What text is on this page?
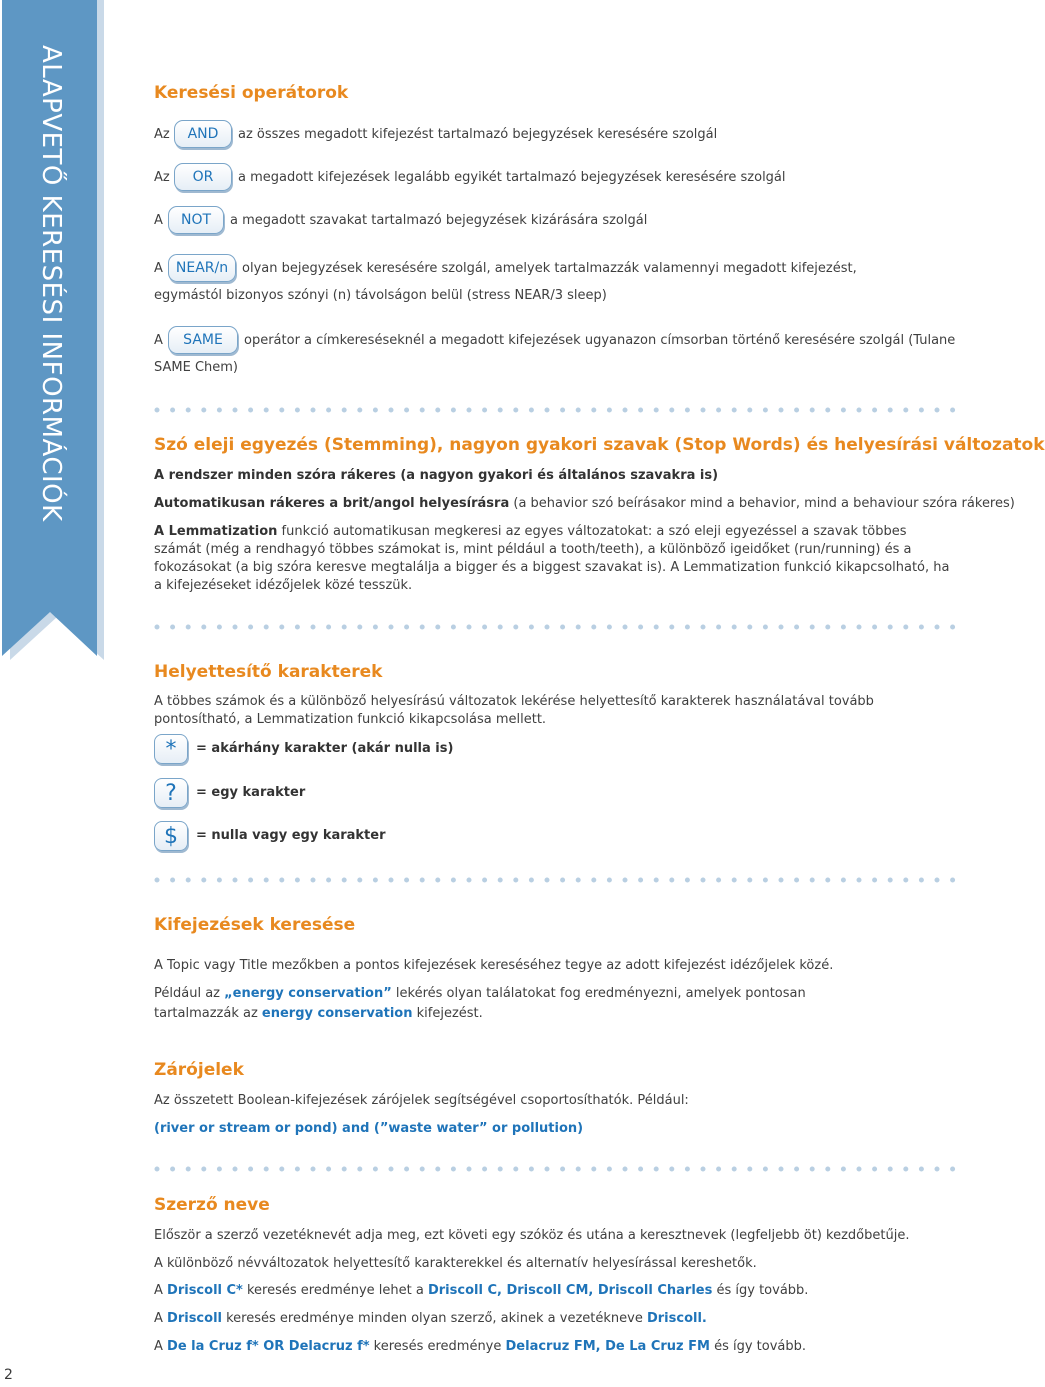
ALAPVETŐ KERESÉSI INFORMÁCIÓK
2
Keresési operátorok
Az	AND	az összes megadott kifejezést tartalmazó bejegyzések keresésére szolgál
Az	OR	a megadott kifejezések legalább egyikét tartalmazó bejegyzések keresésére szolgál
A	NOT	a megadott szavakat tartalmazó bejegyzések kizárására szolgál
A NEAR/n	olyan bejegyzések keresésére szolgál, amelyek tartalmazzák valamennyi megadott kifejezést,
egymástól bizonyos szónyi (n) távolságon belül (stress NEAR/3 sleep)
A	SAME	operátor a címkereséseknél a megadott kifejezések ugyanazon címsorban történő keresésére szolgál (Tulane
SAME Chem)
Szó eleji egyezés (Stemming), nagyon gyakori szavak (Stop Words) és helyesírási változatok
A rendszer minden szóra rákeres (a nagyon gyakori és általános szavakra is)
Automatikusan rákeres a brit/angol helyesírásra (a behavior szó beírásakor mind a behavior, mind a behaviour szóra rákeres)
A Lemmatization funkció automatikusan megkeresi az egyes változatokat: a szó eleji egyezéssel a szavak többes számát (még a rendhagyó többes számokat is, mint például a tooth/teeth), a különböző igeidőket (run/running) és a fokozásokat (a big szóra keresve megtalálja a bigger és a biggest szavakat is). A Lemmatization funkció kikapcsolható, ha a kifejezéseket idézőjelek közé tesszük.
Helyettesítő karakterek
A többes számok és a különböző helyesírású változatok lekérése helyettesítő karakterek használatával tovább pontosítható, a Lemmatization funkció kikapcsolása mellett.
*	= akárhány karakter (akár nulla is)
?	= egy karakter
$	= nulla vagy egy karakter
Kifejezések keresése
A Topic vagy Title mezőkben a pontos kifejezések kereséséhez tegye az adott kifejezést idézőjelek közé.
Például az „energy conservation” lekérés olyan találatokat fog eredményezni, amelyek pontosan
tartalmazzák az energy conservation kifejezést.
Zárójelek
Az összetett Boolean-kifejezések zárójelek segítségével csoportosíthatók. Például:
(river or stream or pond) and (”waste water” or pollution)
Szerző neve
Először a szerző vezetéknevét adja meg, ezt követi egy szóköz és utána a keresztnevek (legfeljebb öt) kezdőbetűje.
A különböző névváltozatok helyettesítő karakterekkel és alternatív helyesírással kereshetők.
A Driscoll C* keresés eredménye lehet a Driscoll C, Driscoll CM, Driscoll Charles és így tovább.
A Driscoll keresés eredménye minden olyan szerző, akinek a vezetékneve Driscoll.
A De la Cruz f* OR Delacruz f* keresés eredménye Delacruz FM, De La Cruz FM és így tovább.
